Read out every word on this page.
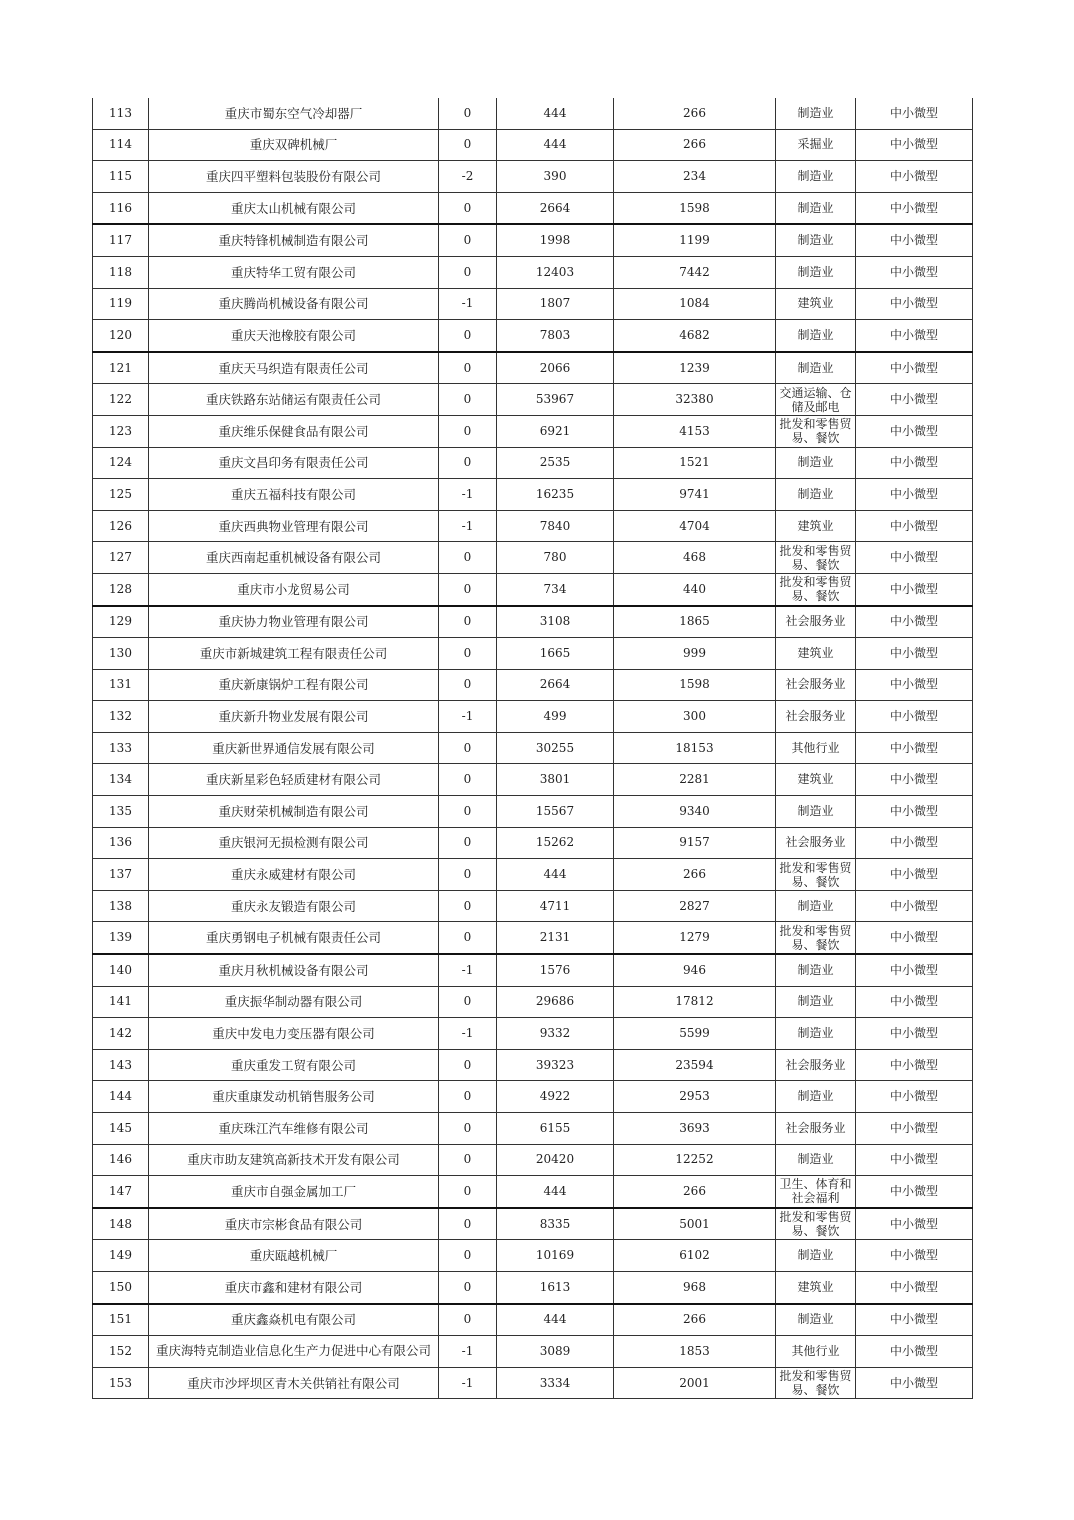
113	重庆市蜀东空气冷却器厂	0	444	266	制造业	中小微型
114	重庆双碑机械厂	0	444	266	采掘业	中小微型
115	重庆四平塑料包装股份有限公司	-2	390	234	制造业	中小微型
116	重庆太山机械有限公司	0	2664	1598	制造业	中小微型
117	重庆特锋机械制造有限公司	0	1998	1199	制造业	中小微型
118	重庆特华工贸有限公司	0	12403	7442	制造业	中小微型
119	重庆腾尚机械设备有限公司	-1	1807	1084	建筑业	中小微型
120	重庆天池橡胶有限公司	0	7803	4682	制造业	中小微型
121	重庆天马织造有限责任公司	0	2066	1239	制造业	中小微型
122	重庆铁路东站储运有限责任公司	0	53967	32380	交通运输、仓储及邮电	中小微型
123	重庆维乐保健食品有限公司	0	6921	4153	批发和零售贸易、餐饮	中小微型
124	重庆文昌印务有限责任公司	0	2535	1521	制造业	中小微型
125	重庆五福科技有限公司	-1	16235	9741	制造业	中小微型
126	重庆西典物业管理有限公司	-1	7840	4704	建筑业	中小微型
127	重庆西南起重机械设备有限公司	0	780	468	批发和零售贸易、餐饮	中小微型
128	重庆市小龙贸易公司	0	734	440	批发和零售贸易、餐饮	中小微型
129	重庆协力物业管理有限公司	0	3108	1865	社会服务业	中小微型
130	重庆市新城建筑工程有限责任公司	0	1665	999	建筑业	中小微型
131	重庆新康锅炉工程有限公司	0	2664	1598	社会服务业	中小微型
132	重庆新升物业发展有限公司	-1	499	300	社会服务业	中小微型
133	重庆新世界通信发展有限公司	0	30255	18153	其他行业	中小微型
134	重庆新星彩色轻质建材有限公司	0	3801	2281	建筑业	中小微型
135	重庆财荣机械制造有限公司	0	15567	9340	制造业	中小微型
136	重庆银河无损检测有限公司	0	15262	9157	社会服务业	中小微型
137	重庆永威建材有限公司	0	444	266	批发和零售贸易、餐饮	中小微型
138	重庆永友锻造有限公司	0	4711	2827	制造业	中小微型
139	重庆勇钢电子机械有限责任公司	0	2131	1279	批发和零售贸易、餐饮	中小微型
140	重庆月秋机械设备有限公司	-1	1576	946	制造业	中小微型
141	重庆振华制动器有限公司	0	29686	17812	制造业	中小微型
142	重庆中发电力变压器有限公司	-1	9332	5599	制造业	中小微型
143	重庆重发工贸有限公司	0	39323	23594	社会服务业	中小微型
144	重庆重康发动机销售服务公司	0	4922	2953	制造业	中小微型
145	重庆珠江汽车维修有限公司	0	6155	3693	社会服务业	中小微型
146	重庆市助友建筑高新技术开发有限公司	0	20420	12252	制造业	中小微型
147	重庆市自强金属加工厂	0	444	266	卫生、体育和社会福利	中小微型
148	重庆市宗彬食品有限公司	0	8335	5001	批发和零售贸易、餐饮	中小微型
149	重庆瓯越机械厂	0	10169	6102	制造业	中小微型
150	重庆市鑫和建材有限公司	0	1613	968	建筑业	中小微型
151	重庆鑫焱机电有限公司	0	444	266	制造业	中小微型
152	重庆海特克制造业信息化生产力促进中心有限公司	-1	3089	1853	其他行业	中小微型
153	重庆市沙坪坝区青木关供销社有限公司	-1	3334	2001	批发和零售贸易、餐饮	中小微型
